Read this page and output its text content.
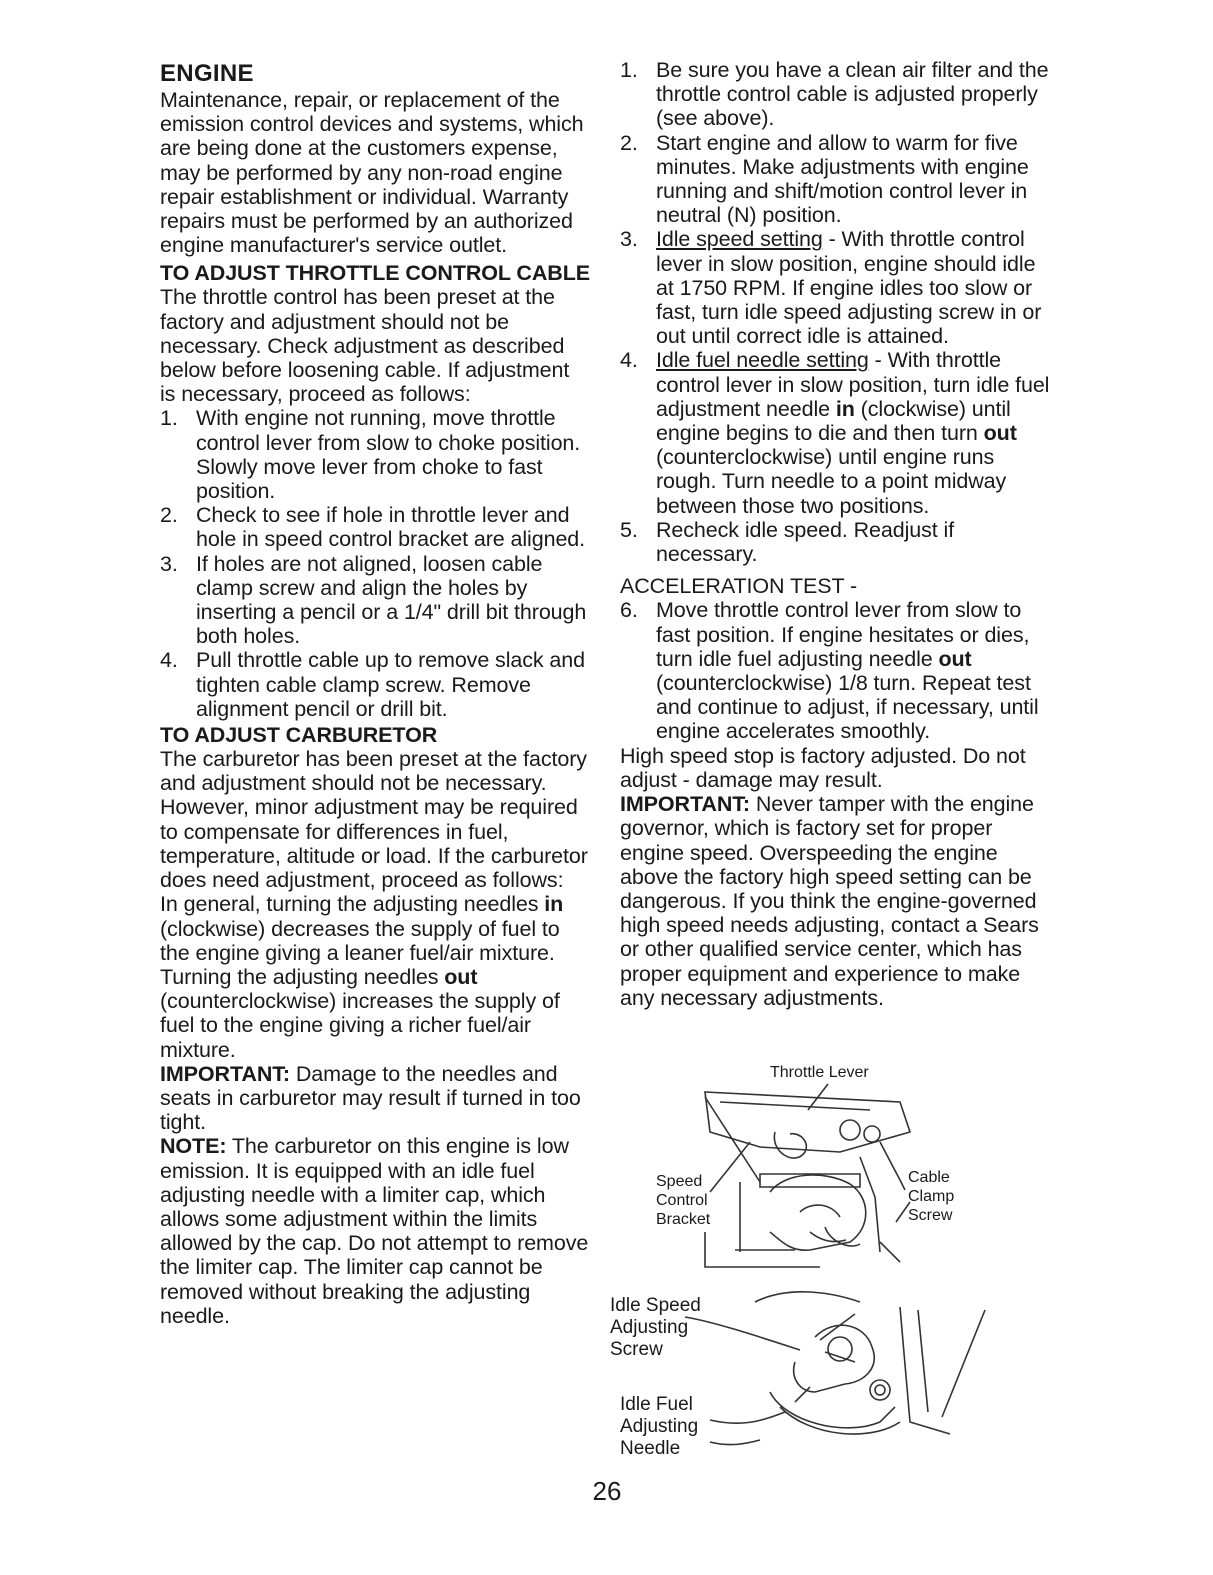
ENGINE

Maintenance, repair, or replacement of the emission control devices and systems, which are being done at the customers expense, may be performed by any non-road engine repair establishment or individual. Warranty repairs must be performed by an authorized engine manufacturer's service outlet.

TO ADJUST THROTTLE CONTROL CABLE

The throttle control has been preset at the factory and adjustment should not be necessary. Check adjustment as described below before loosening cable. If adjustment is necessary, proceed as follows:

1. With engine not running, move throttle control lever from slow to choke position. Slowly move lever from choke to fast position.
2. Check to see if hole in throttle lever and hole in speed control bracket are aligned.
3. If holes are not aligned, loosen cable clamp screw and align the holes by inserting a pencil or a 1/4" drill bit through both holes.
4. Pull throttle cable up to remove slack and tighten cable clamp screw. Remove alignment pencil or drill bit.
TO ADJUST CARBURETOR

The carburetor has been preset at the factory and adjustment should not be necessary. However, minor adjustment may be required to compensate for differences in fuel, temperature, altitude or load. If the carburetor does need adjustment, proceed as follows:

In general, turning the adjusting needles in (clockwise) decreases the supply of fuel to the engine giving a leaner fuel/air mixture. Turning the adjusting needles out (counterclockwise) increases the supply of fuel to the engine giving a richer fuel/air mixture.

IMPORTANT: Damage to the needles and seats in carburetor may result if turned in too tight.

NOTE: The carburetor on this engine is low emission. It is equipped with an idle fuel adjusting needle with a limiter cap, which allows some adjustment within the limits allowed by the cap. Do not attempt to remove the limiter cap. The limiter cap cannot be removed without breaking the adjusting needle.

1. Be sure you have a clean air filter and the throttle control cable is adjusted properly (see above).
2. Start engine and allow to warm for five minutes. Make adjustments with engine running and shift/motion control lever in neutral (N) position.
3. Idle speed setting - With throttle control lever in slow position, engine should idle at 1750 RPM. If engine idles too slow or fast, turn idle speed adjusting screw in or out until correct idle is attained.
4. Idle fuel needle setting - With throttle control lever in slow position, turn idle fuel adjustment needle in (clockwise) until engine begins to die and then turn out (counterclockwise) until engine runs rough. Turn needle to a point midway between those two positions.
5. Recheck idle speed. Readjust if necessary.

ACCELERATION TEST -

6. Move throttle control lever from slow to fast position. If engine hesitates or dies, turn idle fuel adjusting needle out (counterclockwise) 1/8 turn. Repeat test and continue to adjust, if necessary, until engine accelerates smoothly.

High speed stop is factory adjusted. Do not adjust - damage may result.

IMPORTANT: Never tamper with the engine governor, which is factory set for proper engine speed. Overspeeding the engine above the factory high speed setting can be dangerous. If you think the engine-governed high speed needs adjusting, contact a Sears or other qualified service center, which has proper equipment and experience to make any necessary adjustments.

Throttle Lever
Speed
Control
Bracket
Cable
Clamp
Screw
Idle Speed
Adjusting
Screw
Idle Fuel
Adjusting
Needle
26
